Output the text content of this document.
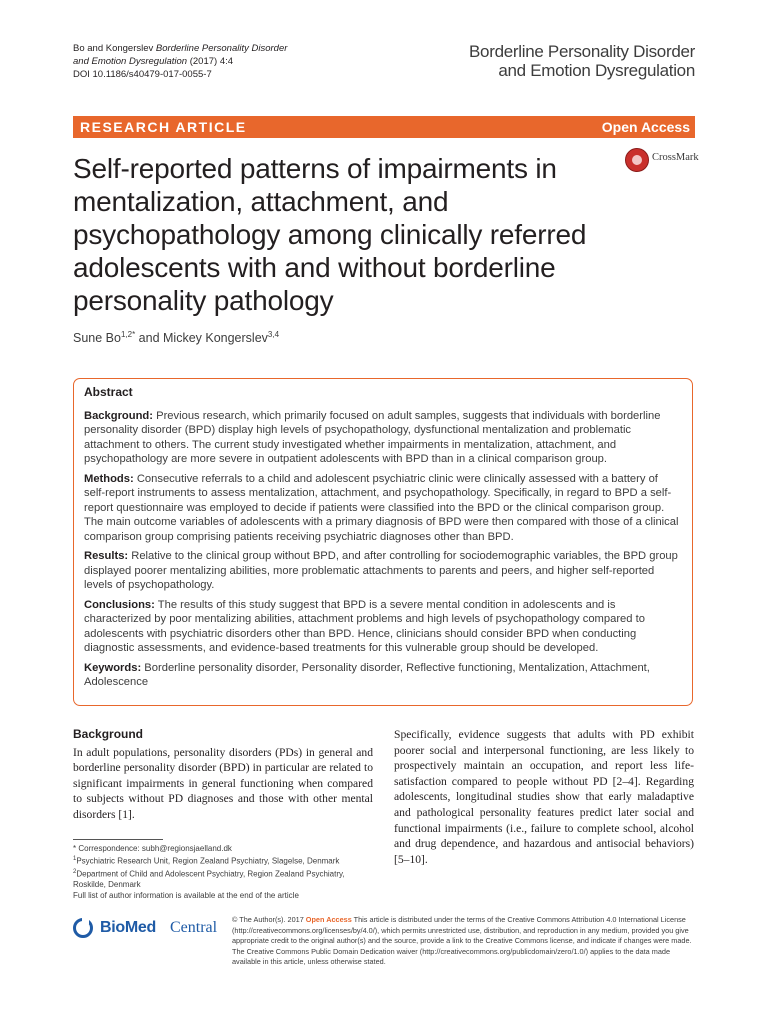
Bo and Kongerslev Borderline Personality Disorder
and Emotion Dysregulation (2017) 4:4
DOI 10.1186/s40479-017-0055-7
Borderline Personality Disorder
and Emotion Dysregulation
RESEARCH ARTICLE	Open Access
CrossMark
Self-reported patterns of impairments in mentalization, attachment, and psychopathology among clinically referred adolescents with and without borderline personality pathology
Sune $Bo^{1,2*}$ and Mickey Kongerslev$^{3,4}$
Abstract

Background: Previous research, which primarily focused on adult samples, suggests that individuals with borderline personality disorder (BPD) display high levels of psychopathology, dysfunctional mentalization and problematic attachment to others. The current study investigated whether impairments in mentalization, attachment, and psychopathology are more severe in outpatient adolescents with BPD than in a clinical comparison group.

Methods: Consecutive referrals to a child and adolescent psychiatric clinic were clinically assessed with a battery of self-report instruments to assess mentalization, attachment, and psychopathology. Specifically, in regard to BPD a self-report questionnaire was employed to decide if patients were classified into the BPD or the clinical comparison group. The main outcome variables of adolescents with a primary diagnosis of BPD were then compared with those of a clinical comparison group comprising patients receiving psychiatric diagnoses other than BPD.

Results: Relative to the clinical group without BPD, and after controlling for sociodemographic variables, the BPD group displayed poorer mentalizing abilities, more problematic attachments to parents and peers, and higher self-reported levels of psychopathology.

Conclusions: The results of this study suggest that BPD is a severe mental condition in adolescents and is characterized by poor mentalizing abilities, attachment problems and high levels of psychopathology compared to adolescents with psychiatric disorders other than BPD. Hence, clinicians should consider BPD when conducting diagnostic assessments, and evidence-based treatments for this vulnerable group should be developed.

Keywords: Borderline personality disorder, Personality disorder, Reflective functioning, Mentalization, Attachment, Adolescence

Background
In adult populations, personality disorders (PDs) in general and borderline personality disorder (BPD) in particular are related to significant impairments in general functioning when compared to subjects without PD diagnoses and those with other mental disorders [1].
Specifically, evidence suggests that adults with PD exhibit poorer social and interpersonal functioning, are less likely to prospectively maintain an occupation, and report less life-satisfaction compared to people without PD [2–4]. Regarding adolescents, longitudinal studies show that early maladaptive and pathological personality features predict later social and functional impairments (i.e., failure to complete school, alcohol and drug dependence, and hazardous and antisocial behaviors) [5–10].
* Correspondence: subh@regionsjaelland.dk
$^1$Psychiatric Research Unit, Region Zealand Psychiatry, Slagelse, Denmark
$^2$Department of Child and Adolescent Psychiatry, Region Zealand Psychiatry, Roskilde, Denmark
Full list of author information is available at the end of the article
BioMed Central © The Author(s). 2017 Open Access This article is distributed under the terms of the Creative Commons Attribution 4.0 International License (http://creativecommons.org/licenses/by/4.0/), which permits unrestricted use, distribution, and reproduction in any medium, provided you give appropriate credit to the original author(s) and the source, provide a link to the Creative Commons license, and indicate if changes were made. The Creative Commons Public Domain Dedication waiver (http://creativecommons.org/publicdomain/zero/1.0/) applies to the data made available in this article, unless otherwise stated.
